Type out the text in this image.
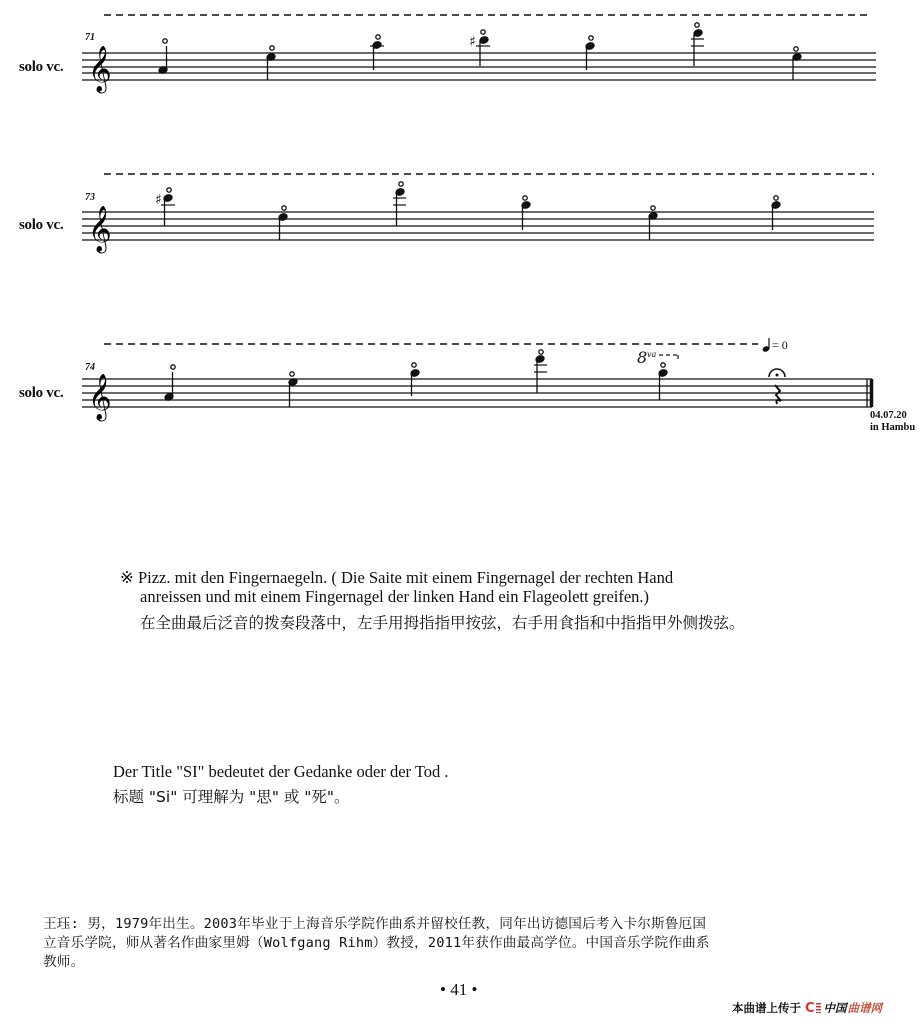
𝄞
♯
71
solo vc.
𝄞
♯
73
solo vc.
𝄞
8 va
74
solo vc.
= 0
04.07.20
in Hambu
※ Pizz. mit den Fingernaegeln. ( Die Saite mit einem Fingernagel der rechten Hand
anreissen und mit einem Fingernagel der linken Hand ein Flageolett greifen.)
在全曲最后泛音的拨奏段落中，左手用拇指指甲按弦，右手用食指和中指指甲外侧拨弦。
Der Title "SI" bedeutet der Gedanke oder der Tod .
标题 "Si" 可理解为 "思" 或 "死"。
王珏: 男，1979年出生。2003年毕业于上海音乐学院作曲系并留校任教，同年出访德国后考入卡尔斯鲁厄国
立音乐学院，师从著名作曲家里姆（Wolfgang Rihm）教授，2011年获作曲最高学位。中国音乐学院作曲系
教师。
• 41 •
本曲谱上传于 C 中国 曲谱网
